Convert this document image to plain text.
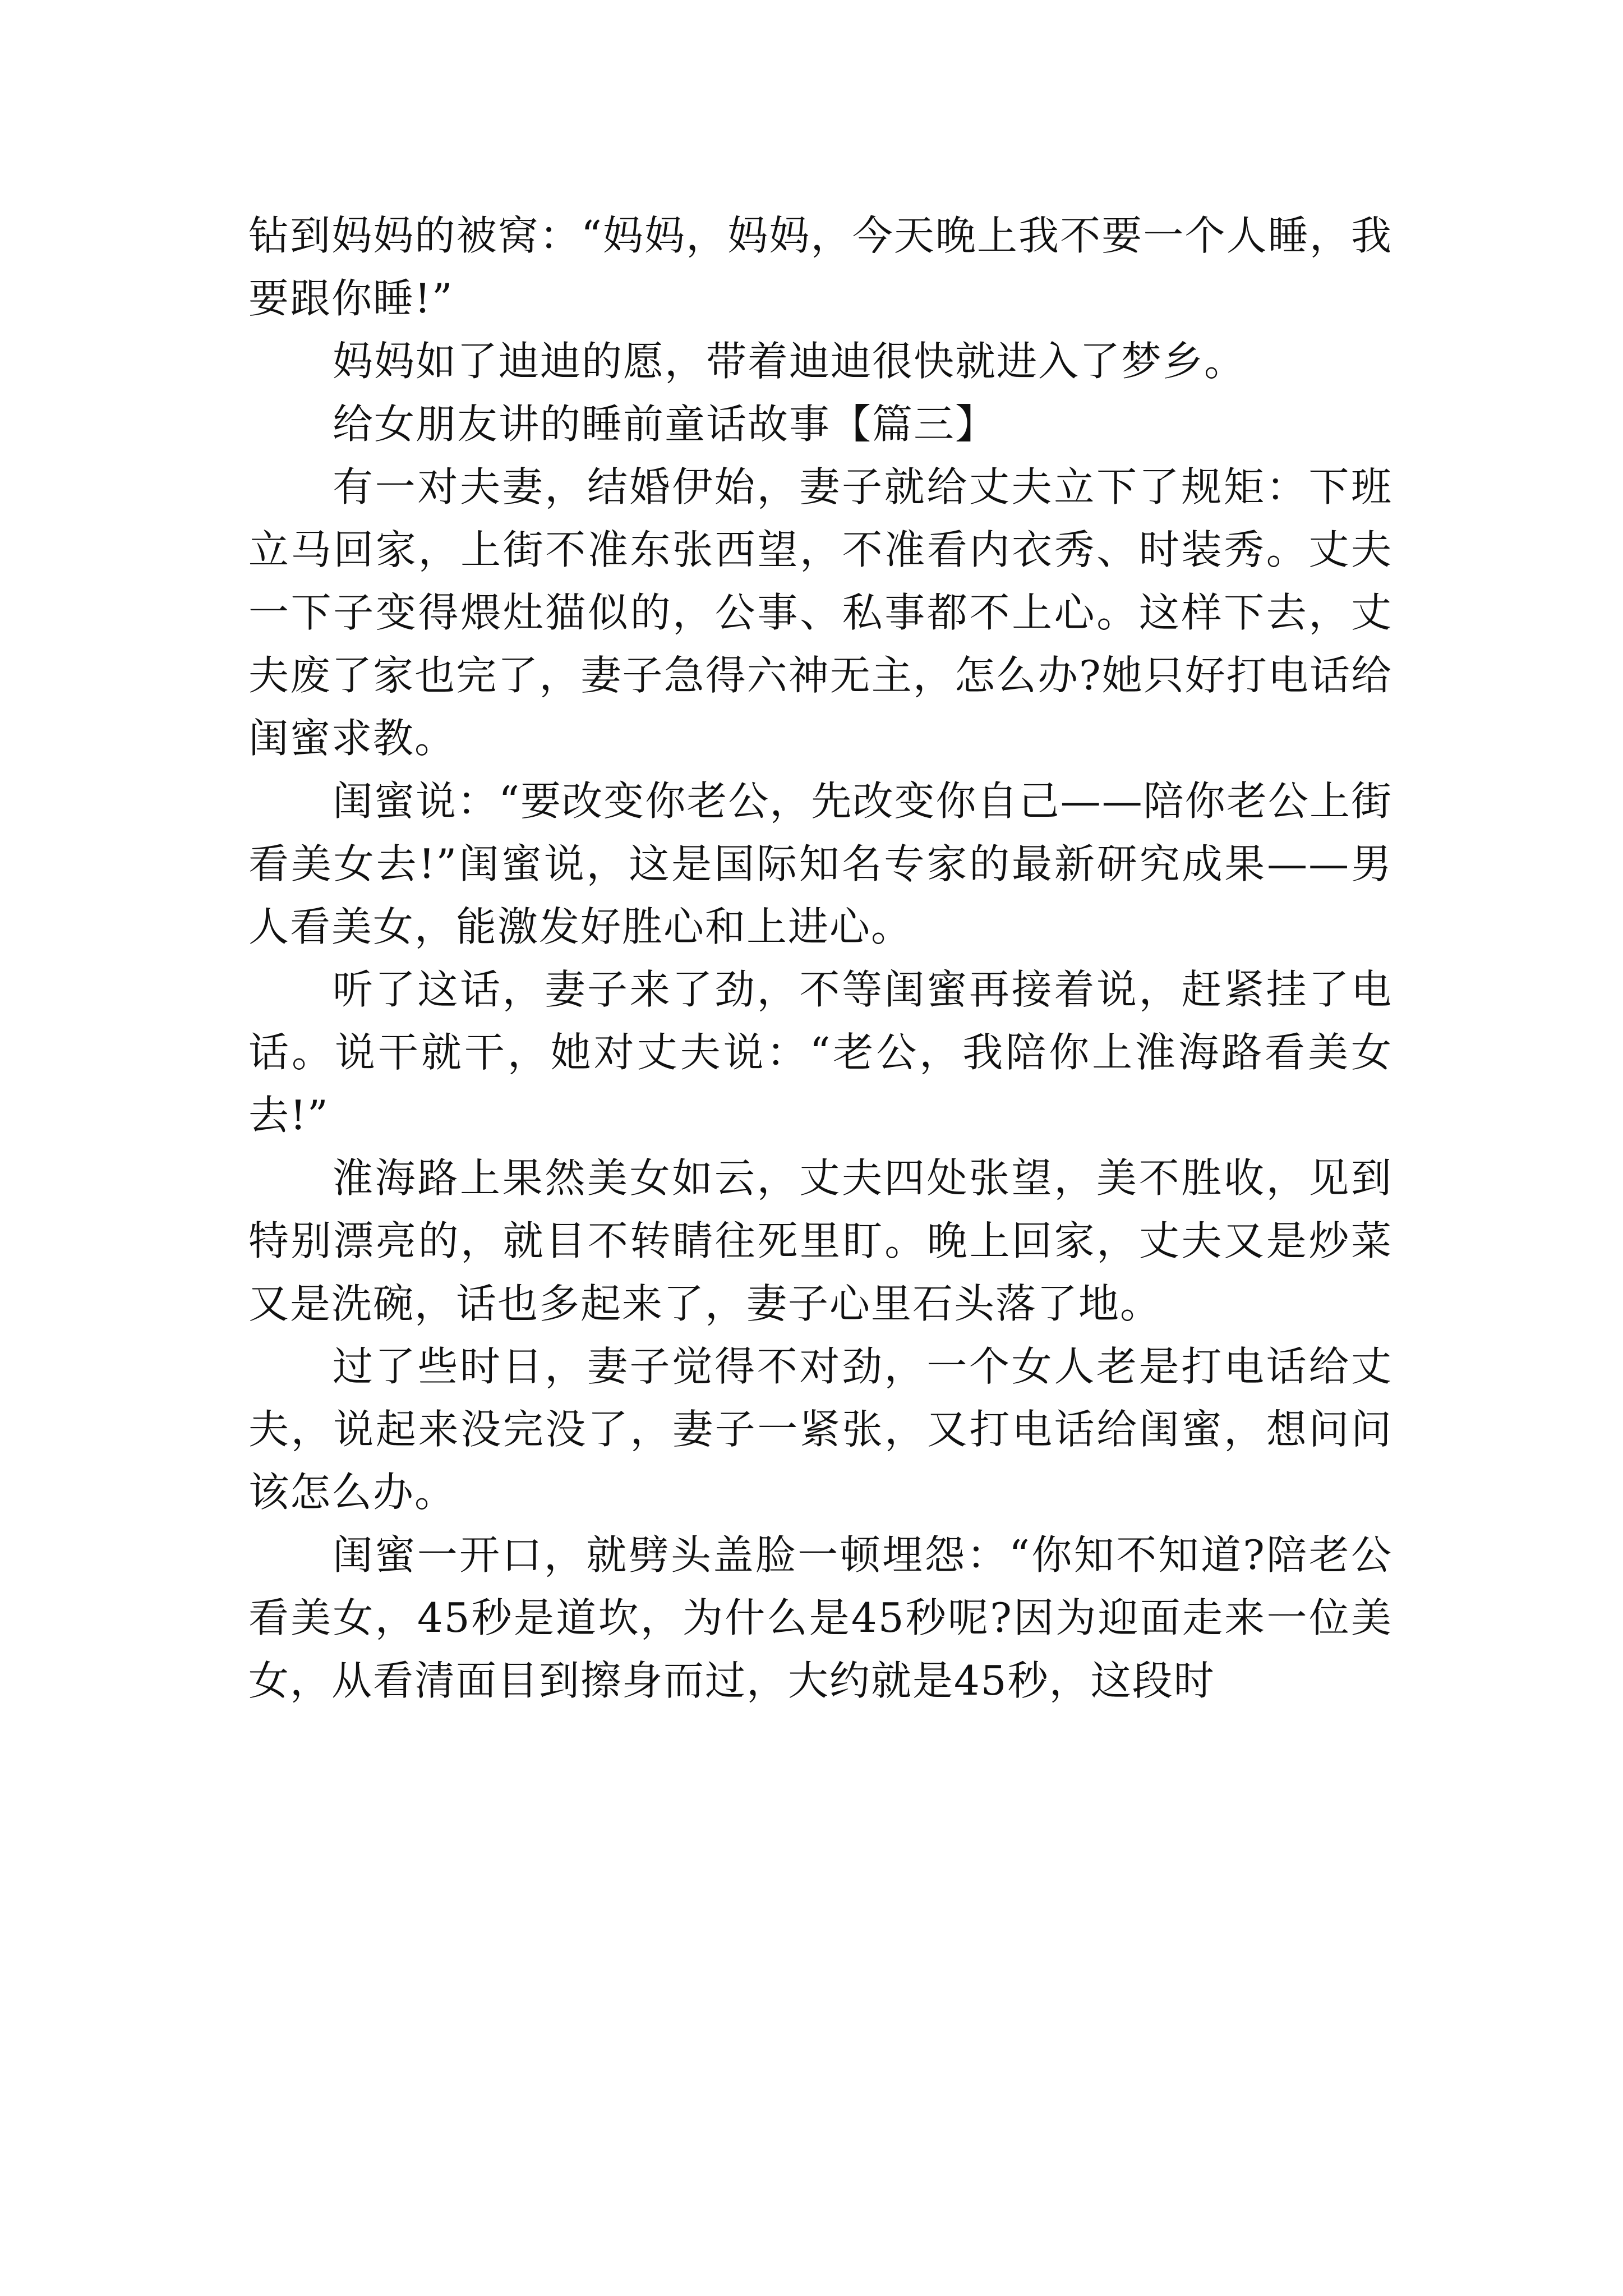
钻到妈妈的被窝：“妈妈，妈妈，今天晚上我不要一个人睡，我要跟你睡!”

妈妈如了迪迪的愿，带着迪迪很快就进入了梦乡。

给女朋友讲的睡前童话故事【篇三】

有一对夫妻，结婚伊始，妻子就给丈夫立下了规矩：下班立马回家，上街不准东张西望，不准看内衣秀、时装秀。丈夫一下子变得煨灶猫似的，公事、私事都不上心。这样下去，丈夫废了家也完了，妻子急得六神无主，怎么办?她只好打电话给闺蜜求教。

闺蜜说：“要改变你老公，先改变你自己——陪你老公上街看美女去!”闺蜜说，这是国际知名专家的最新研究成果——男人看美女，能激发好胜心和上进心。

听了这话，妻子来了劲，不等闺蜜再接着说，赶紧挂了电话。说干就干，她对丈夫说：“老公，我陪你上淮海路看美女去!”

淮海路上果然美女如云，丈夫四处张望，美不胜收，见到特别漂亮的，就目不转睛往死里盯。晚上回家，丈夫又是炒菜又是洗碗，话也多起来了，妻子心里石头落了地。

过了些时日，妻子觉得不对劲，一个女人老是打电话给丈夫，说起来没完没了，妻子一紧张，又打电话给闺蜜，想问问该怎么办。

闺蜜一开口，就劈头盖脸一顿埋怨：“你知不知道?陪老公看美女，45秒是道坎，为什么是45秒呢?因为迎面走来一位美女，从看清面目到擦身而过，大约就是45秒，这段时
